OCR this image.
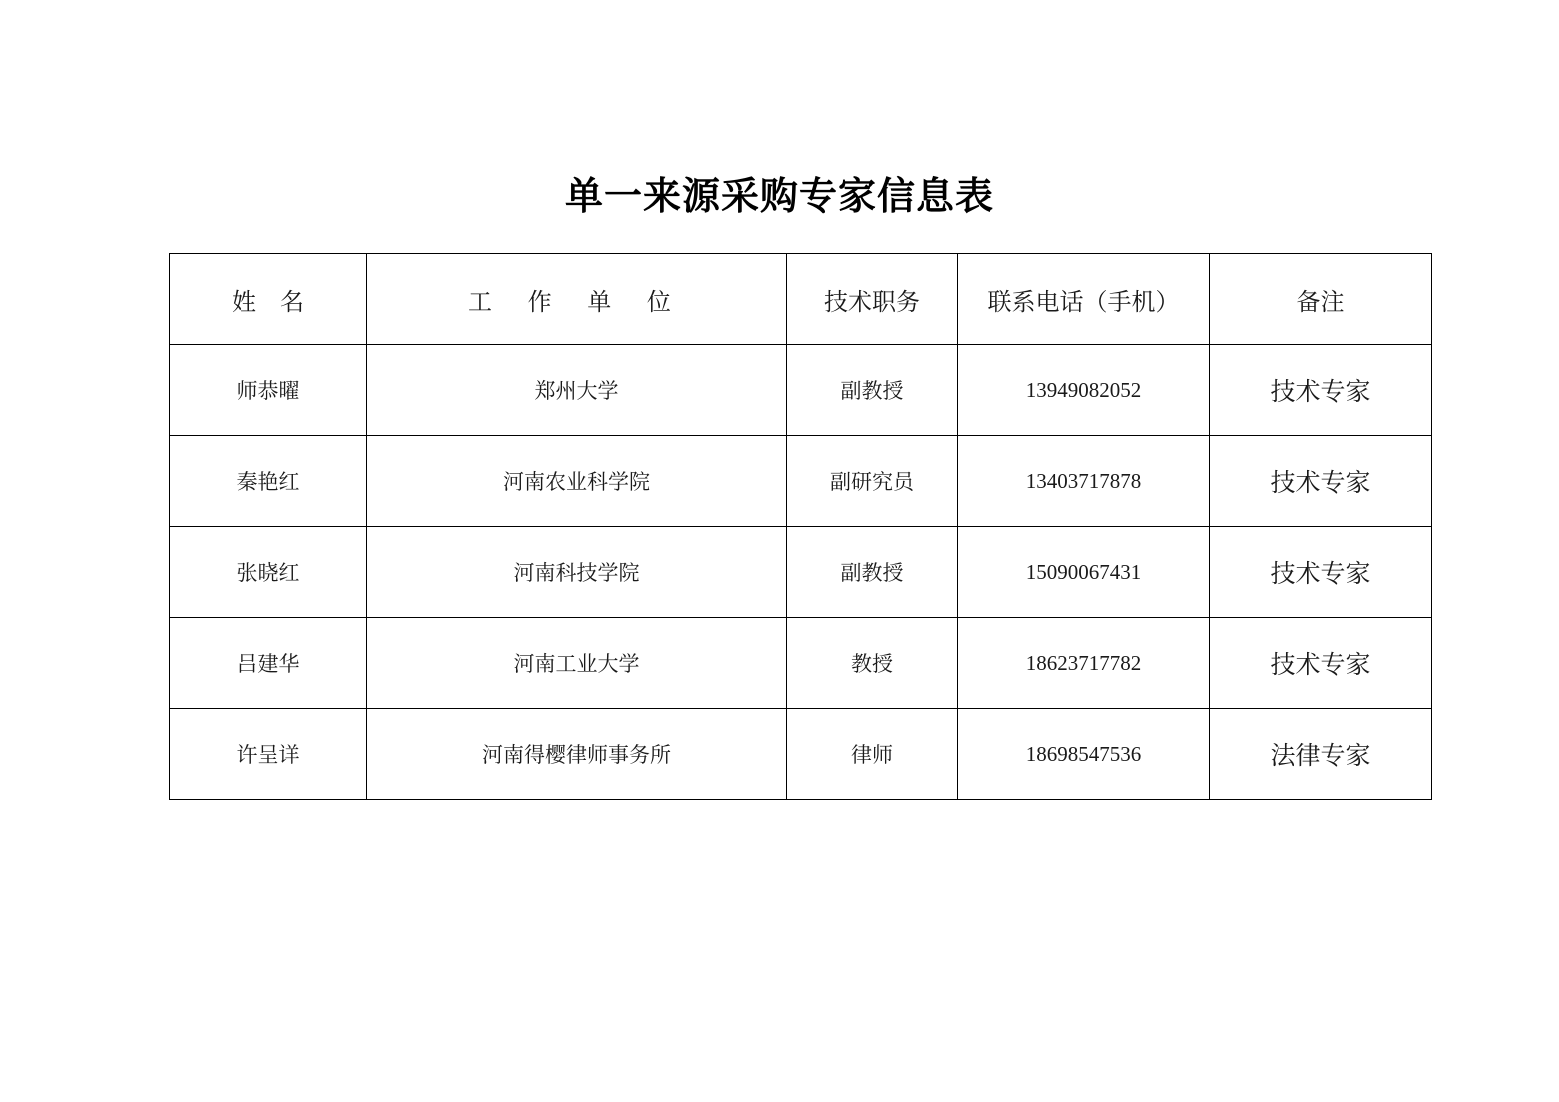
单一来源采购专家信息表
姓　名	工 作 单 位	技术职务	联系电话（手机）	备注
师恭曜	郑州大学	副教授	13949082052	技术专家
秦艳红	河南农业科学院	副研究员	13403717878	技术专家
张晓红	河南科技学院	副教授	15090067431	技术专家
吕建华	河南工业大学	教授	18623717782	技术专家
许呈详	河南得樱律师事务所	律师	18698547536	法律专家
